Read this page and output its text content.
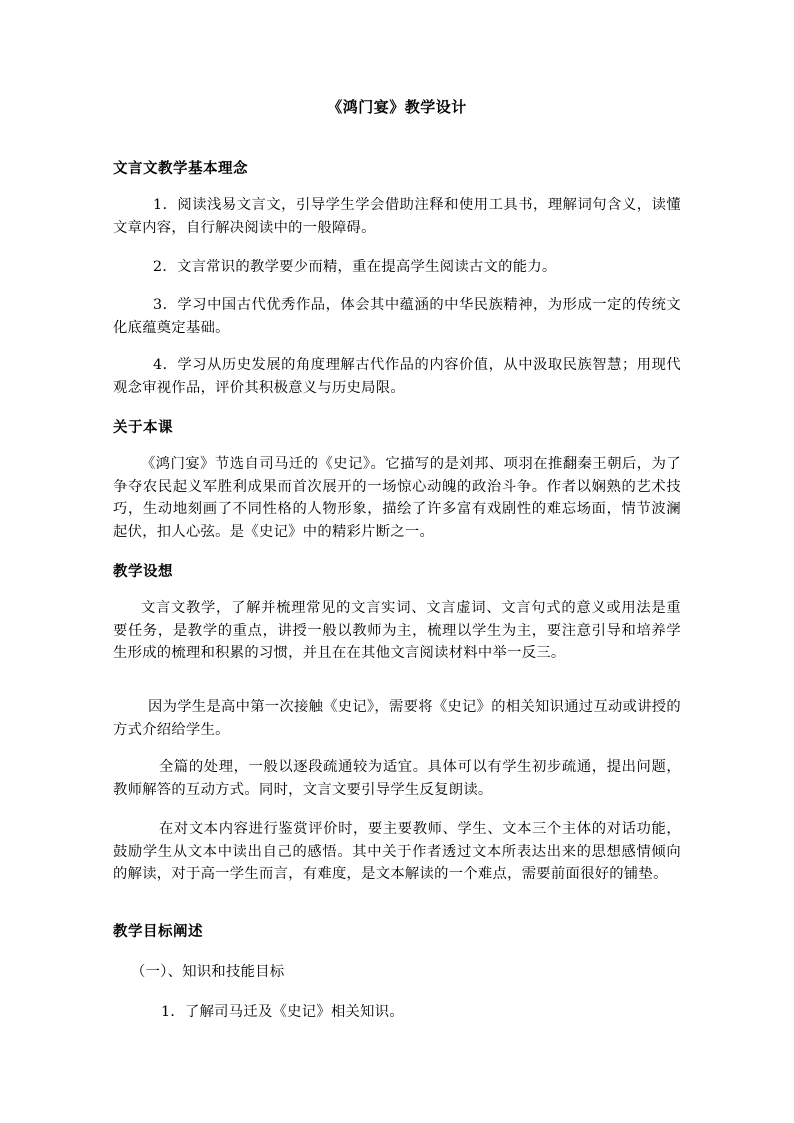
《鸿门宴》教学设计
文言文教学基本理念
1．阅读浅易文言文，引导学生学会借助注释和使用工具书，理解词句含义，读懂文章内容，自行解决阅读中的一般障碍。
2．文言常识的教学要少而精，重在提高学生阅读古文的能力。
3．学习中国古代优秀作品，体会其中蕴涵的中华民族精神，为形成一定的传统文化底蕴奠定基础。
4．学习从历史发展的角度理解古代作品的内容价值，从中汲取民族智慧；用现代观念审视作品，评价其积极意义与历史局限。
关于本课
《鸿门宴》节选自司马迁的《史记》。它描写的是刘邦、项羽在推翻秦王朝后，为了争夺农民起义军胜利成果而首次展开的一场惊心动魄的政治斗争。作者以娴熟的艺术技巧，生动地刻画了不同性格的人物形象，描绘了许多富有戏剧性的难忘场面，情节波澜起伏，扣人心弦。是《史记》中的精彩片断之一。
教学设想
文言文教学，了解并梳理常见的文言实词、文言虚词、文言句式的意义或用法是重要任务，是教学的重点，讲授一般以教师为主，梳理以学生为主，要注意引导和培养学生形成的梳理和积累的习惯，并且在在其他文言阅读材料中举一反三。
因为学生是高中第一次接触《史记》，需要将《史记》的相关知识通过互动或讲授的方式介绍给学生。
全篇的处理，一般以逐段疏通较为适宜。具体可以有学生初步疏通，提出问题，教师解答的互动方式。同时，文言文要引导学生反复朗读。
在对文本内容进行鉴赏评价时，要主要教师、学生、文本三个主体的对话功能，鼓励学生从文本中读出自己的感悟。其中关于作者透过文本所表达出来的思想感情倾向的解读，对于高一学生而言，有难度，是文本解读的一个难点，需要前面很好的铺垫。
教学目标阐述
（一）、知识和技能目标
1．了解司马迁及《史记》相关知识。
